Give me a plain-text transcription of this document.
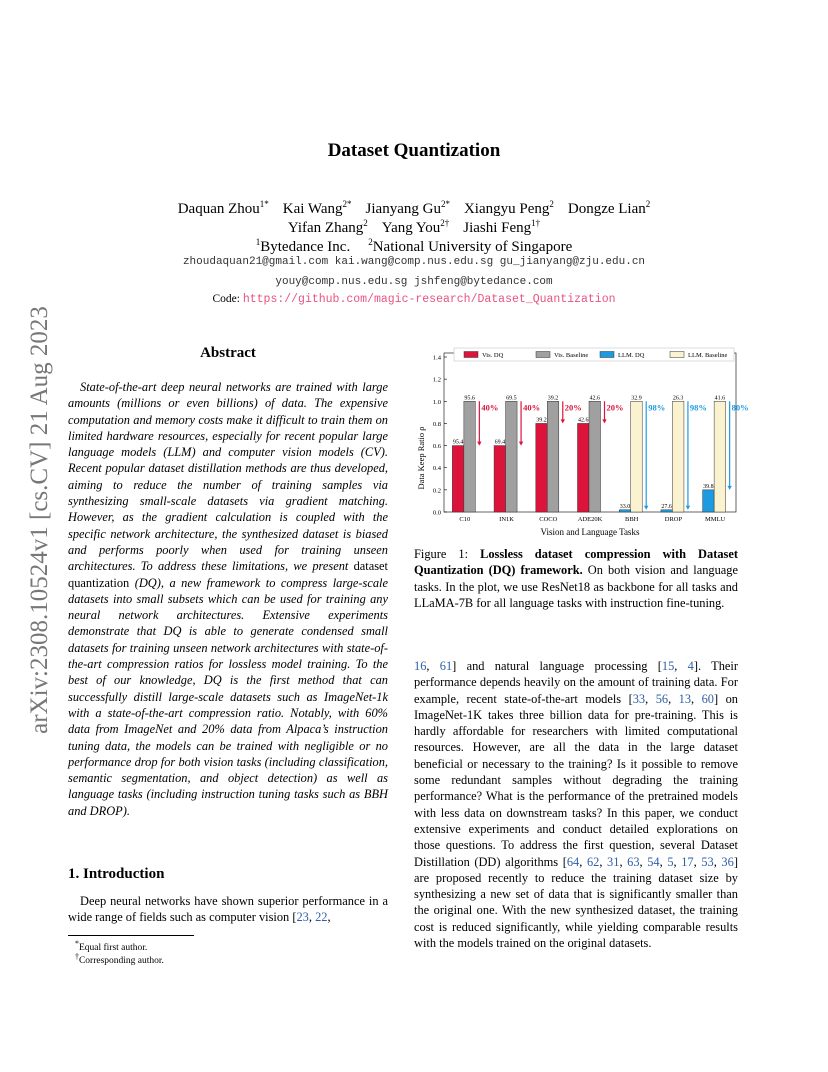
arXiv:2308.10524v1 [cs.CV] 21 Aug 2023
Dataset Quantization
Daquan Zhou$^{1*}$ Kai Wang$^{2*}$ Jianyang $Gu^{2*}$ Xiangyu Peng$^2$ Dongze Lian$^2$
Yifan Zhang$^2$ Yang You$^{2\dagger}$ Jiashi Feng$^{1\dagger}$
$^1$Bytedance Inc. $^2$National University of Singapore
zhoudaquan21@gmail.com kai.wang@comp.nus.edu.sg gu_jianyang@zju.edu.cn
youy@comp.nus.edu.sg jshfeng@bytedance.com
Code: https://github.com/magic-research/Dataset_Quantization
Abstract
State-of-the-art deep neural networks are trained with large amounts (millions or even billions) of data. The expensive computation and memory costs make it difficult to train them on limited hardware resources, especially for recent popular large language models (LLM) and computer vision models (CV). Recent popular dataset distillation methods are thus developed, aiming to reduce the number of training samples via synthesizing small-scale datasets via gradient matching. However, as the gradient calculation is coupled with the specific network architecture, the synthesized dataset is biased and performs poorly when used for training unseen architectures. To address these limitations, we present dataset quantization (DQ), a new framework to compress large-scale datasets into small subsets which can be used for training any neural network architectures. Extensive experiments demonstrate that DQ is able to generate condensed small datasets for training unseen network architectures with state-of-the-art compression ratios for lossless model training. To the best of our knowledge, DQ is the first method that can successfully distill large-scale datasets such as ImageNet-1k with a state-of-the-art compression ratio. Notably, with 60% data from ImageNet and 20% data from Alpaca’s instruction tuning data, the models can be trained with negligible or no performance drop for both vision tasks (including classification, semantic segmentation, and object detection) as well as language tasks (including instruction tuning tasks such as BBH and DROP).
1. Introduction
Deep neural networks have shown superior performance in a wide range of fields such as computer vision [23, 22,
*Equal first author.
†Corresponding author.
0.0
0.2
0.4
0.6
0.8
1.0
1.2
1.4
C10	IN1K	COCO	ADE20K	BBH	DROP	MMLU
95.4
95.6
40%
69.4
69.5
40%
39.2
39.2
20%
42.6
42.6
20%
33.0
32.9
98%
27.6
26.3
98%
39.8
41.6
80%
Vis. DQ	Vis. Baseline	LLM. DQ	LLM. Baseline
Vision and Language Tasks
Data Keep Ratio ρ
Figure 1: Lossless dataset compression with Dataset Quantization (DQ) framework. On both vision and language tasks. In the plot, we use ResNet18 as backbone for all tasks and LLaMA-7B for all language tasks with instruction fine-tuning.
16, 61] and natural language processing [15, 4]. Their performance depends heavily on the amount of training data. For example, recent state-of-the-art models [33, 56, 13, 60] on ImageNet-1K takes three billion data for pre-training. This is hardly affordable for researchers with limited computational resources. However, are all the data in the large dataset beneficial or necessary to the training? Is it possible to remove some redundant samples without degrading the training performance? What is the performance of the pretrained models with less data on downstream tasks? In this paper, we conduct extensive experiments and conduct detailed explorations on those questions. To address the first question, several Dataset Distillation (DD) algorithms [64, 62, 31, 63, 54, 5, 17, 53, 36] are proposed recently to reduce the training dataset size by synthesizing a new set of data that is significantly smaller than the original one. With the new synthesized dataset, the training cost is reduced significantly, while yielding comparable results with the models trained on the original datasets.
